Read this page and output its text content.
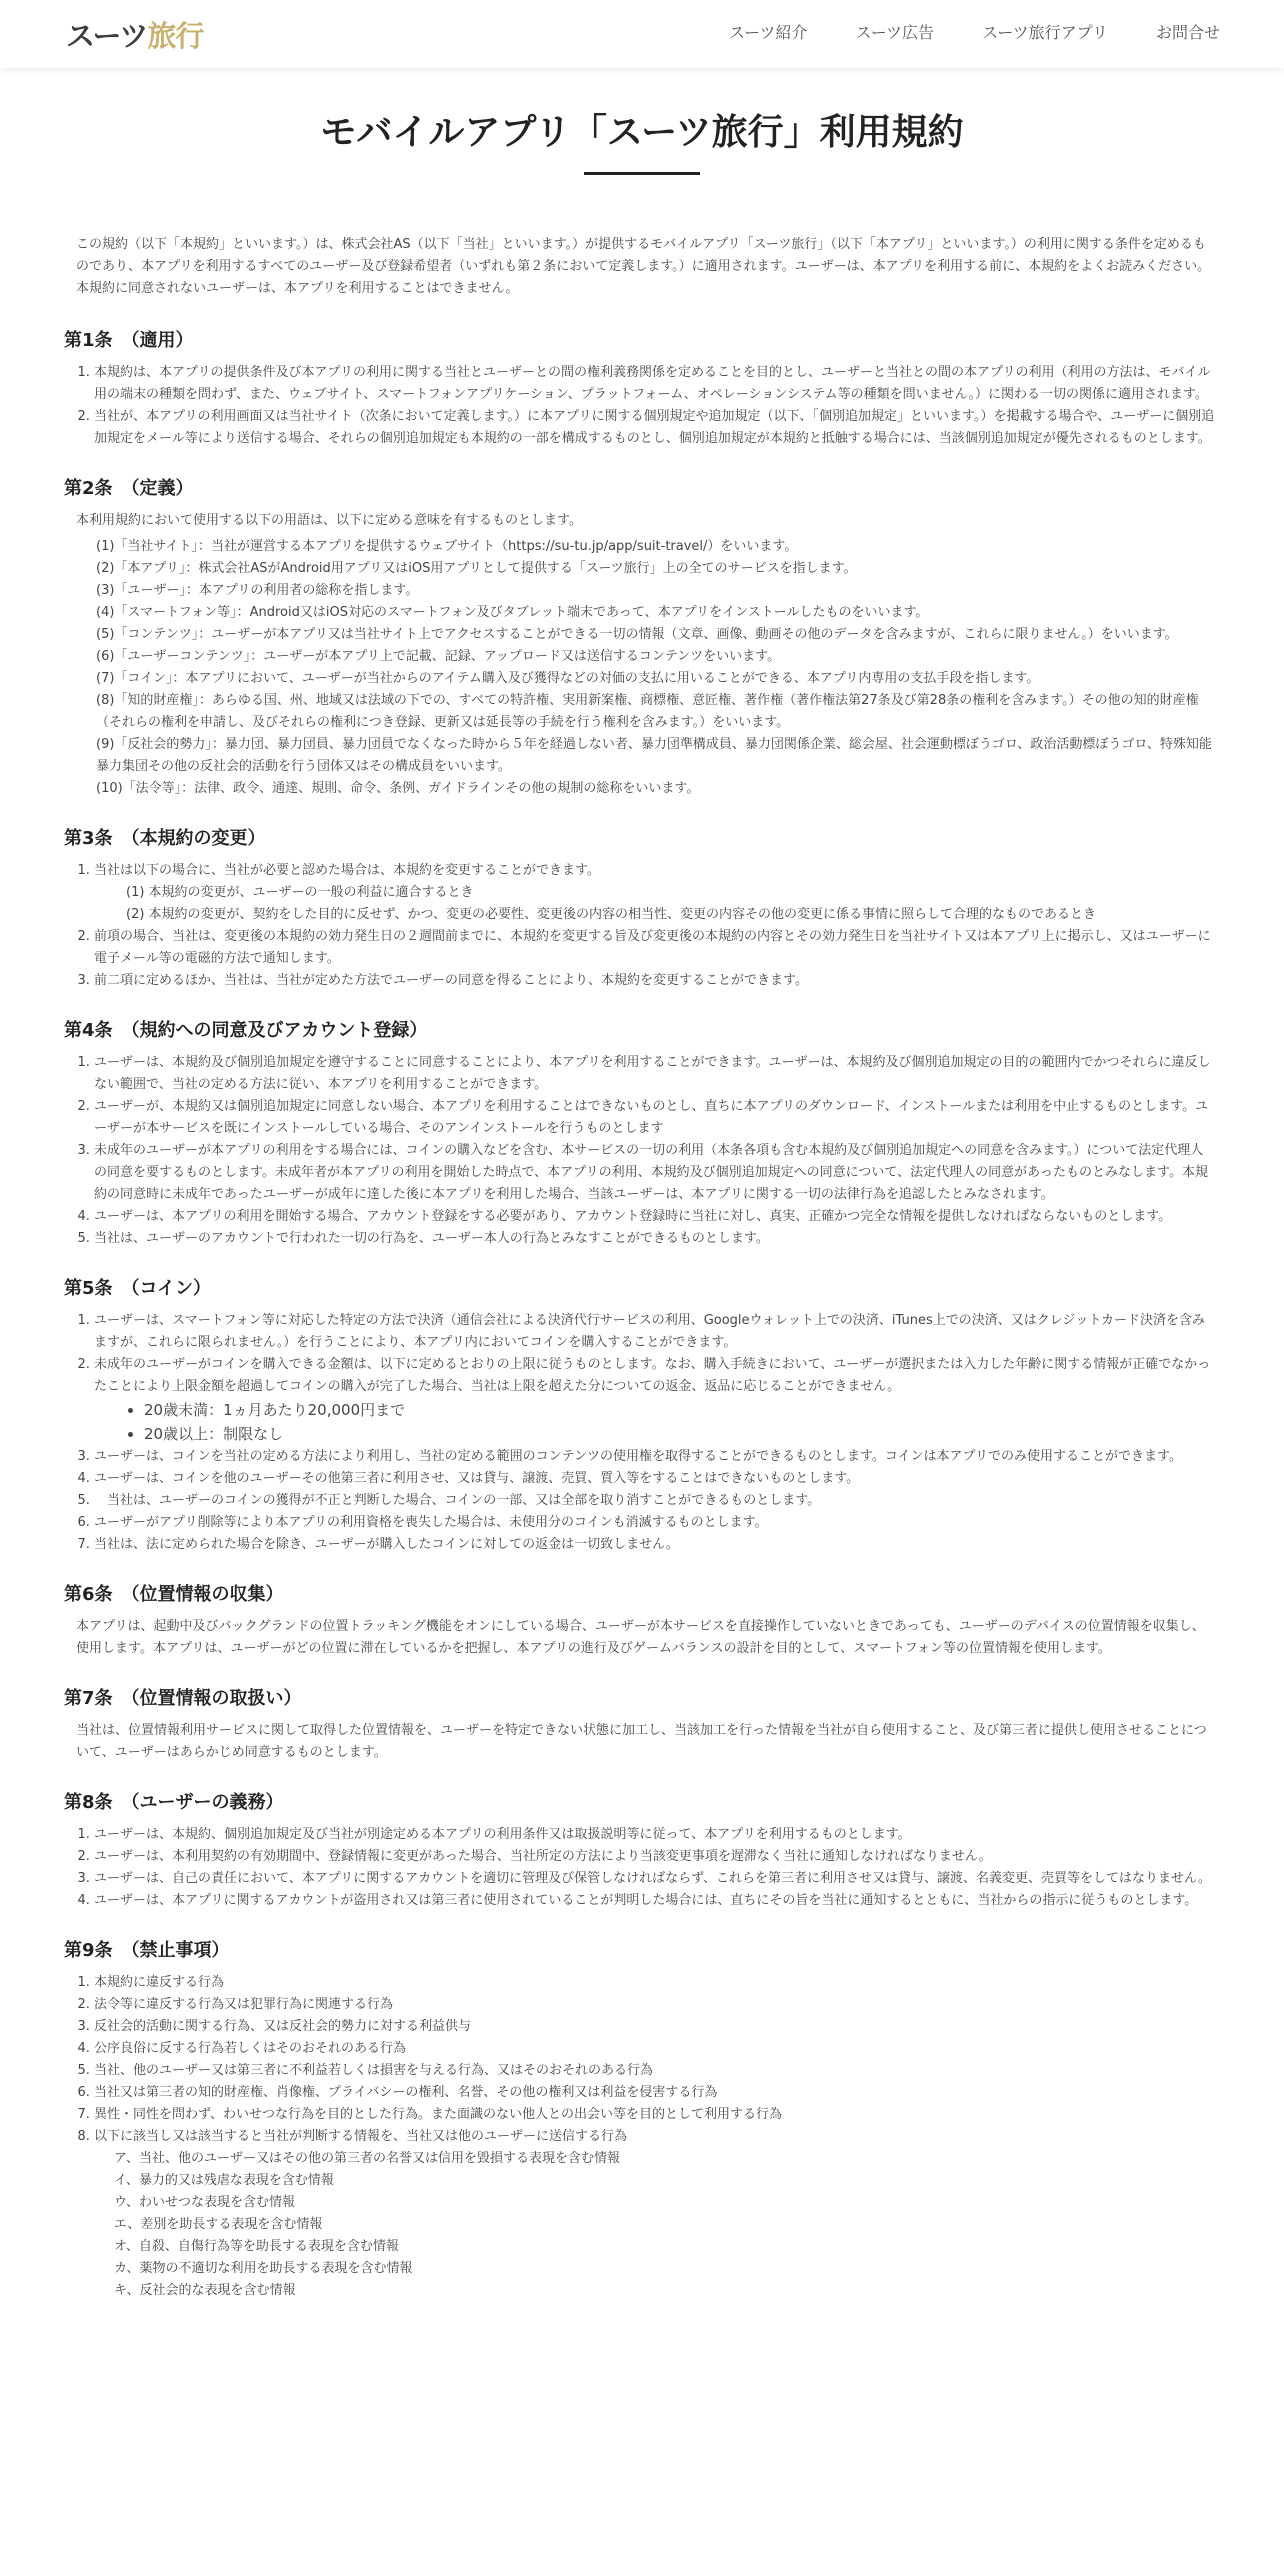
スーツ旅行	スーツ紹介	スーツ広告	スーツ旅行アプリ	お問合せ
モバイルアプリ「スーツ旅行」利用規約

この規約（以下「本規約」といいます。）は、株式会社AS（以下「当社」といいます。）が提供するモバイルアプリ「スーツ旅行」（以下「本アプリ」といいます。）の利用に関する条件を定めるものであり、本アプリを利用するすべてのユーザー及び登録希望者（いずれも第２条において定義します。）に適用されます。ユーザーは、本アプリを利用する前に、本規約をよくお読みください。本規約に同意されないユーザーは、本アプリを利用することはできません。

第1条　（適用）
1. 本規約は、本アプリの提供条件及び本アプリの利用に関する当社とユーザーとの間の権利義務関係を定めることを目的とし、ユーザーと当社との間の本アプリの利用（利用の方法は、モバイル用の端末の種類を問わず、また、ウェブサイト、スマートフォンアプリケーション、プラットフォーム、オペレーションシステム等の種類を問いません。）に関わる一切の関係に適用されます。
2. 当社が、本アプリの利用画面又は当社サイト（次条において定義します。）に本アプリに関する個別規定や追加規定（以下、「個別追加規定」といいます。）を掲載する場合や、ユーザーに個別追加規定をメール等により送信する場合、それらの個別追加規定も本規約の一部を構成するものとし、個別追加規定が本規約と抵触する場合には、当該個別追加規定が優先されるものとします。
第2条　（定義）

本利用規約において使用する以下の用語は、以下に定める意味を有するものとします。

(1)「当社サイト」：当社が運営する本アプリを提供するウェブサイト（https://su-tu.jp/app/suit-travel/）をいいます。
(2)「本アプリ」：株式会社ASがAndroid用アプリ又はiOS用アプリとして提供する「スーツ旅行」上の全てのサービスを指します。
(3)「ユーザー」：本アプリの利用者の総称を指します。
(4)「スマートフォン等」：Android又はiOS対応のスマートフォン及びタブレット端末であって、本アプリをインストールしたものをいいます。
(5)「コンテンツ」：ユーザーが本アプリ又は当社サイト上でアクセスすることができる一切の情報（文章、画像、動画その他のデータを含みますが、これらに限りません。）をいいます。
(6)「ユーザーコンテンツ」：ユーザーが本アプリ上で記載、記録、アップロード又は送信するコンテンツをいいます。
(7)「コイン」：本アプリにおいて、ユーザーが当社からのアイテム購入及び獲得などの対価の支払に用いることができる、本アプリ内専用の支払手段を指します。
(8)「知的財産権」：あらゆる国、州、地域又は法域の下での、すべての特許権、実用新案権、商標権、意匠権、著作権（著作権法第27条及び第28条の権利を含みます。）その他の知的財産権（それらの権利を申請し、及びそれらの権利につき登録、更新又は延長等の手続を行う権利を含みます。）をいいます。
(9)「反社会的勢力」：暴力団、暴力団員、暴力団員でなくなった時から５年を経過しない者、暴力団準構成員、暴力団関係企業、総会屋、社会運動標ぼうゴロ、政治活動標ぼうゴロ、特殊知能暴力集団その他の反社会的活動を行う団体又はその構成員をいいます。
(10)「法令等」：法律、政令、通達、規則、命令、条例、ガイドラインその他の規制の総称をいいます。
第3条　（本規約の変更）
1. 当社は以下の場合に、当社が必要と認めた場合は、本規約を変更することができます。
(1) 本規約の変更が、ユーザーの一般の利益に適合するとき
(2) 本規約の変更が、契約をした目的に反せず、かつ、変更の必要性、変更後の内容の相当性、変更の内容その他の変更に係る事情に照らして合理的なものであるとき
2. 前項の場合、当社は、変更後の本規約の効力発生日の２週間前までに、本規約を変更する旨及び変更後の本規約の内容とその効力発生日を当社サイト又は本アプリ上に掲示し、又はユーザーに電子メール等の電磁的方法で通知します。
3. 前二項に定めるほか、当社は、当社が定めた方法でユーザーの同意を得ることにより、本規約を変更することができます。
第4条　（規約への同意及びアカウント登録）
1. ユーザーは、本規約及び個別追加規定を遵守することに同意することにより、本アプリを利用することができます。ユーザーは、本規約及び個別追加規定の目的の範囲内でかつそれらに違反しない範囲で、当社の定める方法に従い、本アプリを利用することができます。
2. ユーザーが、本規約又は個別追加規定に同意しない場合、本アプリを利用することはできないものとし、直ちに本アプリのダウンロード、インストールまたは利用を中止するものとします。ユーザーが本サービスを既にインストールしている場合、そのアンインストールを行うものとします
3. 未成年のユーザーが本アプリの利用をする場合には、コインの購入などを含む、本サービスの一切の利用（本条各項も含む本規約及び個別追加規定への同意を含みます。）について法定代理人の同意を要するものとします。未成年者が本アプリの利用を開始した時点で、本アプリの利用、本規約及び個別追加規定への同意について、法定代理人の同意があったものとみなします。本規約の同意時に未成年であったユーザーが成年に達した後に本アプリを利用した場合、当該ユーザーは、本アプリに関する一切の法律行為を追認したとみなされます。
4. ユーザーは、本アプリの利用を開始する場合、アカウント登録をする必要があり、アカウント登録時に当社に対し、真実、正確かつ完全な情報を提供しなければならないものとします。
5. 当社は、ユーザーのアカウントで行われた一切の行為を、ユーザー本人の行為とみなすことができるものとします。
第5条　（コイン）
1. ユーザーは、スマートフォン等に対応した特定の方法で決済（通信会社による決済代行サービスの利用、Googleウォレット上での決済、iTunes上での決済、又はクレジットカード決済を含みますが、これらに限られません。）を行うことにより、本アプリ内においてコインを購入することができます。
2. 未成年のユーザーがコインを購入できる金額は、以下に定めるとおりの上限に従うものとします。なお、購入手続きにおいて、ユーザーが選択または入力した年齢に関する情報が正確でなかったことにより上限金額を超過してコインの購入が完了した場合、当社は上限を超えた分についての返金、返品に応じることができません。
• 20歳未満：1ヵ月あたり20,000円まで
• 20歳以上：制限なし
3. ユーザーは、コインを当社の定める方法により利用し、当社の定める範囲のコンテンツの使用権を取得することができるものとします。コインは本アプリでのみ使用することができます。
4. ユーザーは、コインを他のユーザーその他第三者に利用させ、又は貸与、譲渡、売買、質入等をすることはできないものとします。
5. 　当社は、ユーザーのコインの獲得が不正と判断した場合、コインの一部、又は全部を取り消すことができるものとします。
6. ユーザーがアプリ削除等により本アプリの利用資格を喪失した場合は、未使用分のコインも消滅するものとします。
7. 当社は、法に定められた場合を除き、ユーザーが購入したコインに対しての返金は一切致しません。
第6条　（位置情報の収集）

本アプリは、起動中及びバックグランドの位置トラッキング機能をオンにしている場合、ユーザーが本サービスを直接操作していないときであっても、ユーザーのデバイスの位置情報を収集し、使用します。本アプリは、ユーザーがどの位置に滞在しているかを把握し、本アプリの進行及びゲームバランスの設計を目的として、スマートフォン等の位置情報を使用します。

第7条　（位置情報の取扱い）

当社は、位置情報利用サービスに関して取得した位置情報を、ユーザーを特定できない状態に加工し、当該加工を行った情報を当社が自ら使用すること、及び第三者に提供し使用させることについて、ユーザーはあらかじめ同意するものとします。

第8条　（ユーザーの義務）
1. ユーザーは、本規約、個別追加規定及び当社が別途定める本アプリの利用条件又は取扱説明等に従って、本アプリを利用するものとします。
2. ユーザーは、本利用契約の有効期間中、登録情報に変更があった場合、当社所定の方法により当該変更事項を遅滞なく当社に通知しなければなりません。
3. ユーザーは、自己の責任において、本アプリに関するアカウントを適切に管理及び保管しなければならず、これらを第三者に利用させ又は貸与、譲渡、名義変更、売買等をしてはなりません。
4. ユーザーは、本アプリに関するアカウントが盗用され又は第三者に使用されていることが判明した場合には、直ちにその旨を当社に通知するとともに、当社からの指示に従うものとします。
第9条　（禁止事項）
1. 本規約に違反する行為
2. 法令等に違反する行為又は犯罪行為に関連する行為
3. 反社会的活動に関する行為、又は反社会的勢力に対する利益供与
4. 公序良俗に反する行為若しくはそのおそれのある行為
5. 当社、他のユーザー又は第三者に不利益若しくは損害を与える行為、又はそのおそれのある行為
6. 当社又は第三者の知的財産権、肖像権、プライバシーの権利、名誉、その他の権利又は利益を侵害する行為
7. 異性・同性を問わず、わいせつな行為を目的とした行為。また面識のない他人との出会い等を目的として利用する行為
8. 以下に該当し又は該当すると当社が判断する情報を、当社又は他のユーザーに送信する行為
ア、当社、他のユーザー又はその他の第三者の名誉又は信用を毀損する表現を含む情報
イ、暴力的又は残虐な表現を含む情報
ウ、わいせつな表現を含む情報
エ、差別を助長する表現を含む情報
オ、自殺、自傷行為等を助長する表現を含む情報
カ、薬物の不適切な利用を助長する表現を含む情報
キ、反社会的な表現を含む情報
